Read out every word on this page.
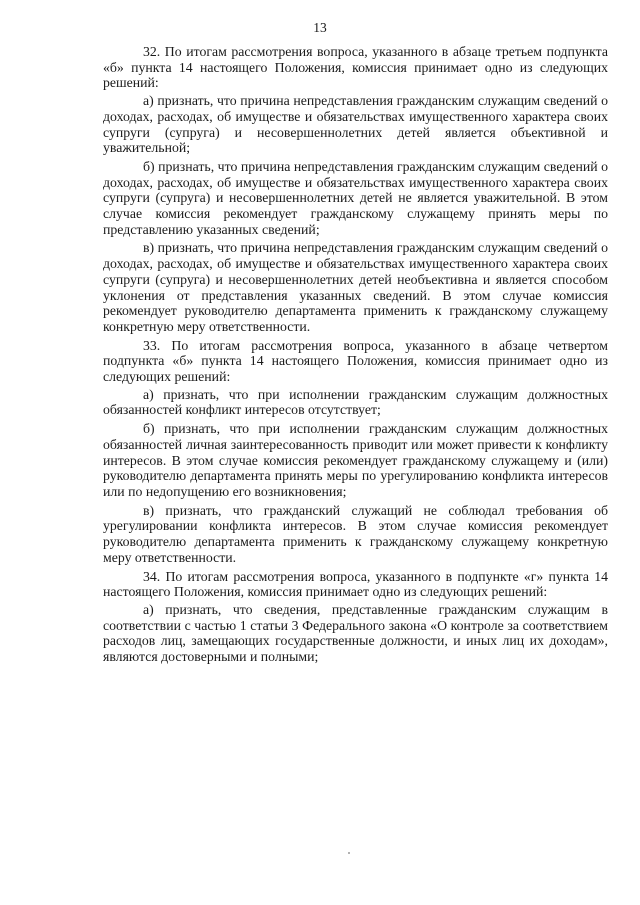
13

32. По итогам рассмотрения вопроса, указанного в абзаце третьем подпункта «б» пункта 14 настоящего Положения, комиссия принимает одно из следующих решений:

а) признать, что причина непредставления гражданским служащим сведений о доходах, расходах, об имуществе и обязательствах имущественного характера своих супруги (супруга) и несовершеннолетних детей является объективной и уважительной;

б) признать, что причина непредставления гражданским служащим сведений о доходах, расходах, об имуществе и обязательствах имущественного характера своих супруги (супруга) и несовершеннолетних детей не является уважительной. В этом случае комиссия рекомендует гражданскому служащему принять меры по представлению указанных сведений;

в) признать, что причина непредставления гражданским служащим сведений о доходах, расходах, об имуществе и обязательствах имущественного характера своих супруги (супруга) и несовершеннолетних детей необъективна и является способом уклонения от представления указанных сведений. В этом случае комиссия рекомендует руководителю департамента применить к гражданскому служащему конкретную меру ответственности.

33. По итогам рассмотрения вопроса, указанного в абзаце четвертом подпункта «б» пункта 14 настоящего Положения, комиссия принимает одно из следующих решений:

а) признать, что при исполнении гражданским служащим должностных обязанностей конфликт интересов отсутствует;

б) признать, что при исполнении гражданским служащим должностных обязанностей личная заинтересованность приводит или может привести к конфликту интересов. В этом случае комиссия рекомендует гражданскому служащему и (или) руководителю департамента принять меры по урегулированию конфликта интересов или по недопущению его возникновения;

в) признать, что гражданский служащий не соблюдал требования об урегулировании конфликта интересов. В этом случае комиссия рекомендует руководителю департамента применить к гражданскому служащему конкретную меру ответственности.

34. По итогам рассмотрения вопроса, указанного в подпункте «г» пункта 14 настоящего Положения, комиссия принимает одно из следующих решений:

а) признать, что сведения, представленные гражданским служащим в соответствии с частью 1 статьи 3 Федерального закона «О контроле за соответствием расходов лиц, замещающих государственные должности, и иных лиц их доходам», являются достоверными и полными;
